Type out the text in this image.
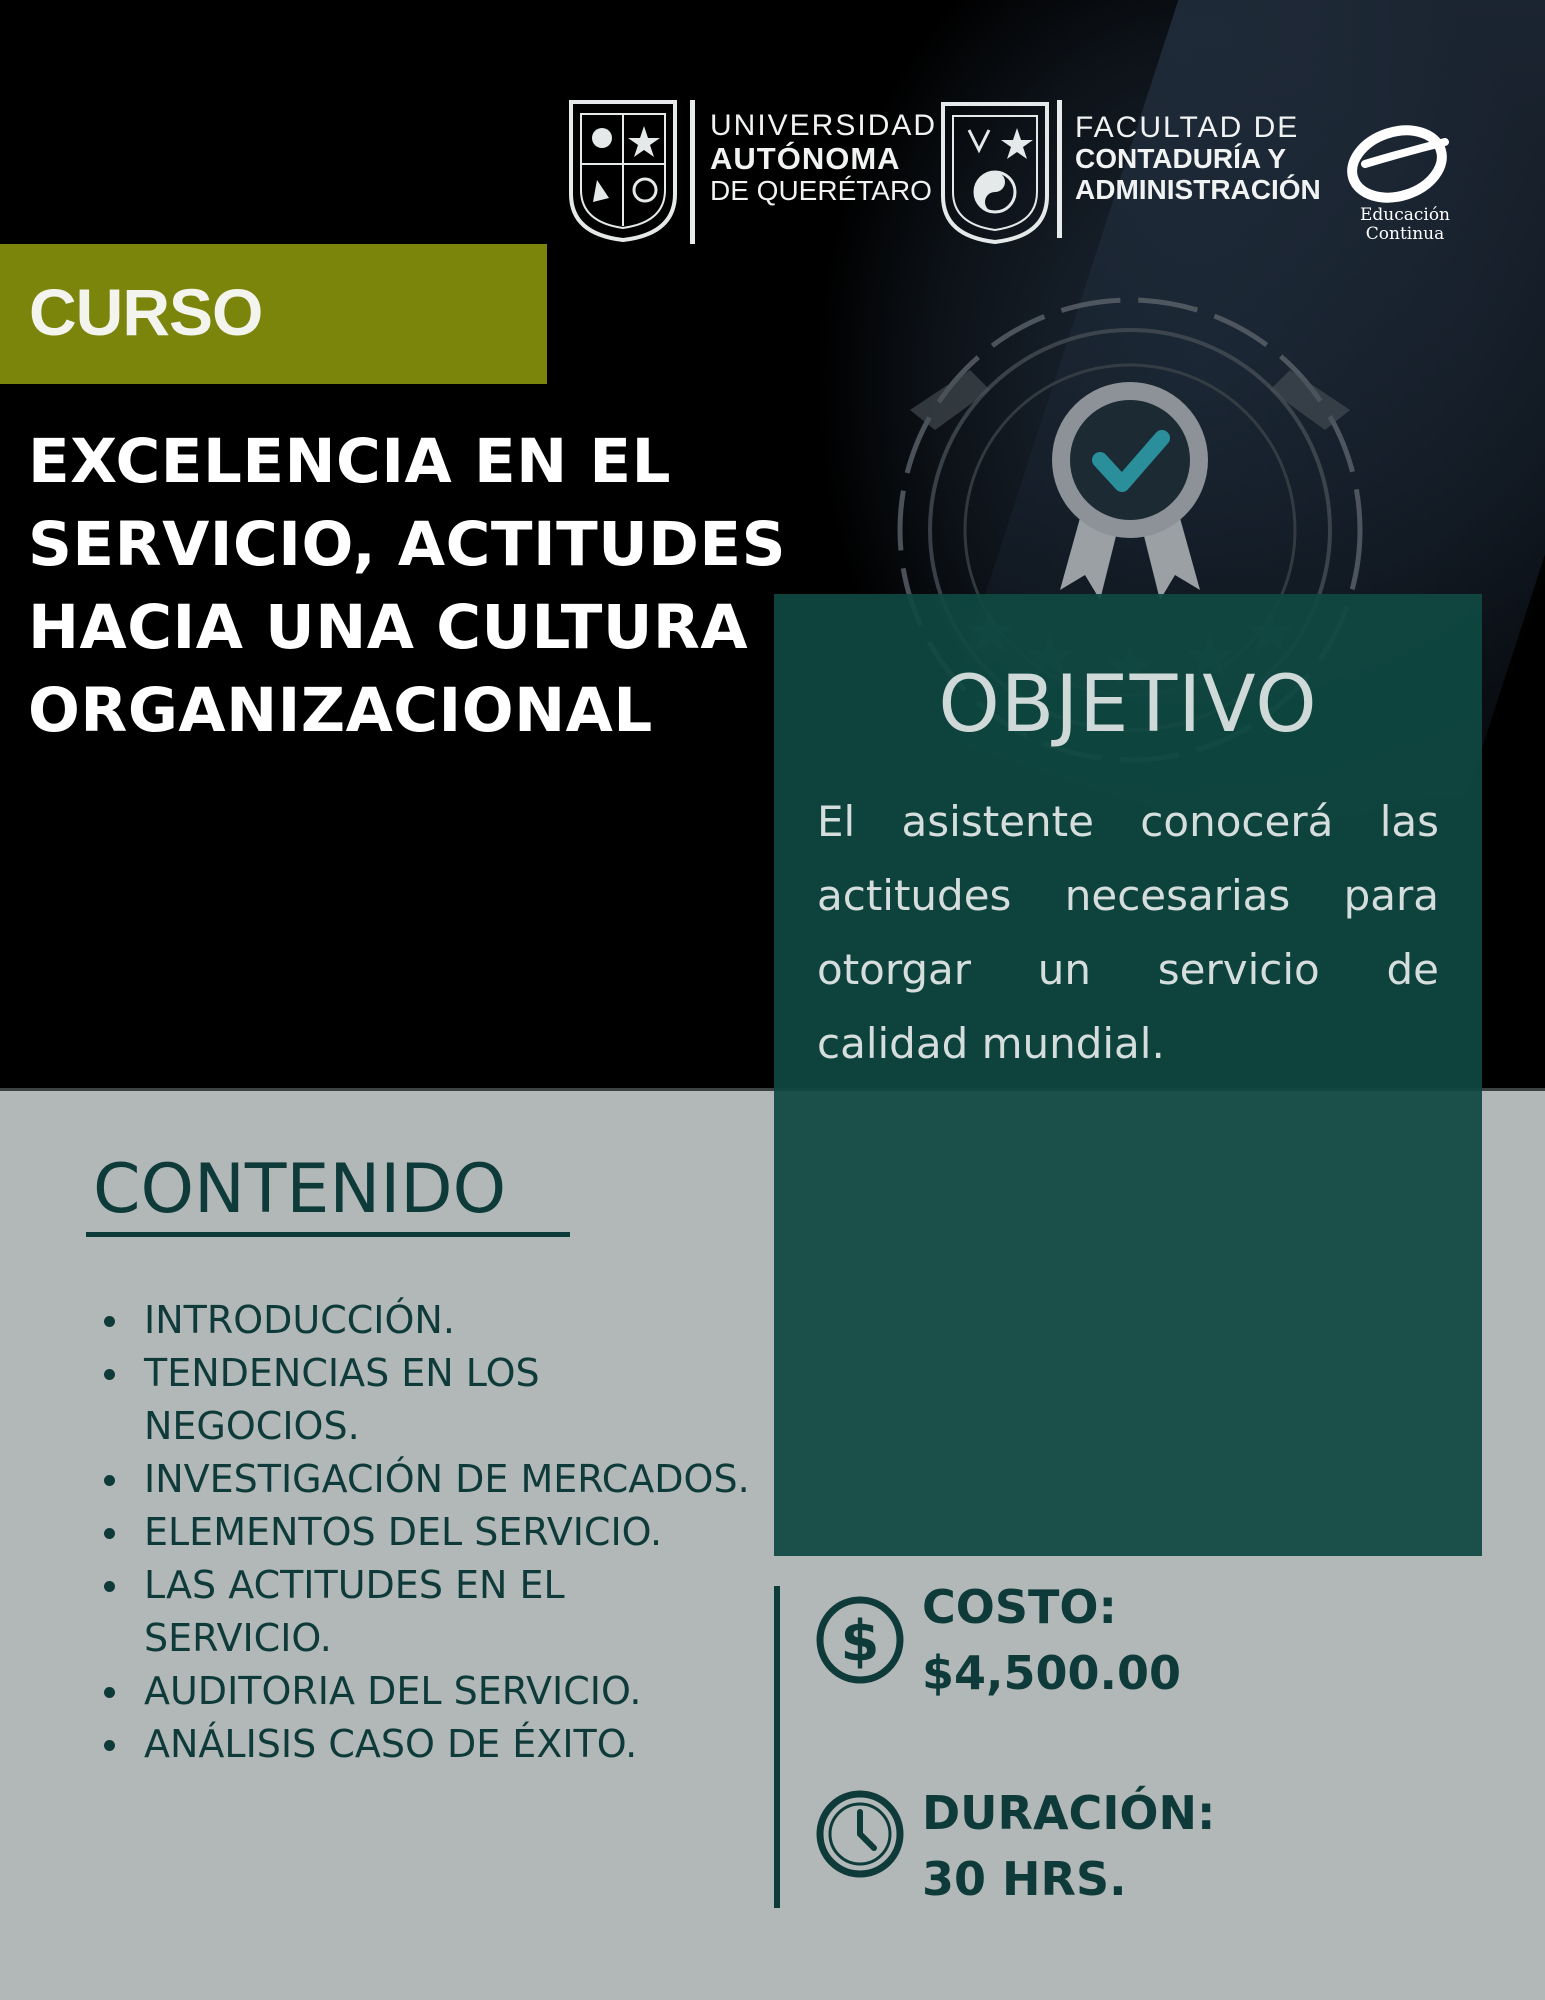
UNIVERSIDAD
AUTÓNOMA
DE QUERÉTARO
FACULTAD DE
CONTADURÍA Y
ADMINISTRACIÓN
Educación
Continua
CURSO
EXCELENCIA EN EL
SERVICIO, ACTITUDES
HACIA UNA CULTURA
ORGANIZACIONAL	OBJETIVO
El asistente conocerá las actitudes necesarias para otorgar un servicio de calidad mundial.
CONTENIDO
INTRODUCCIÓN.
TENDENCIAS EN LOS NEGOCIOS.
INVESTIGACIÓN DE MERCADOS.
ELEMENTOS DEL SERVICIO.
LAS ACTITUDES EN EL SERVICIO.
AUDITORIA DEL SERVICIO.
ANÁLISIS CASO DE ÉXITO.
$
COSTO:
$4,500.00
DURACIÓN:
30 HRS.
